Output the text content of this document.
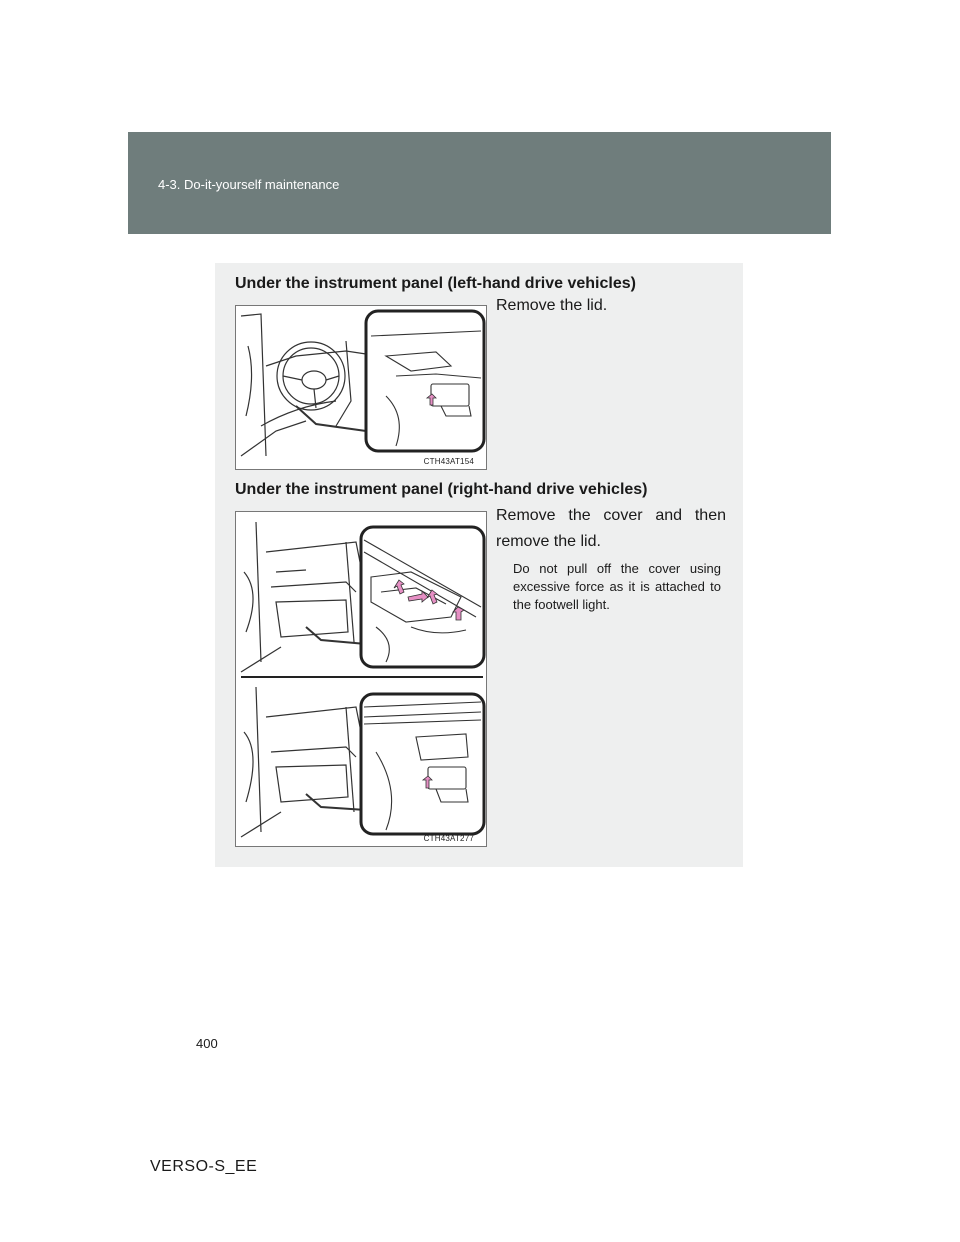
4-3. Do-it-yourself maintenance
Under the instrument panel (left-hand drive vehicles)
CTH43AT154
Remove the lid.
Under the instrument panel (right-hand drive vehicles)
CTH43AT277
Remove the cover and then remove the lid.
Do not pull off the cover using excessive force as it is attached to the footwell light.
400
VERSO-S_EE
